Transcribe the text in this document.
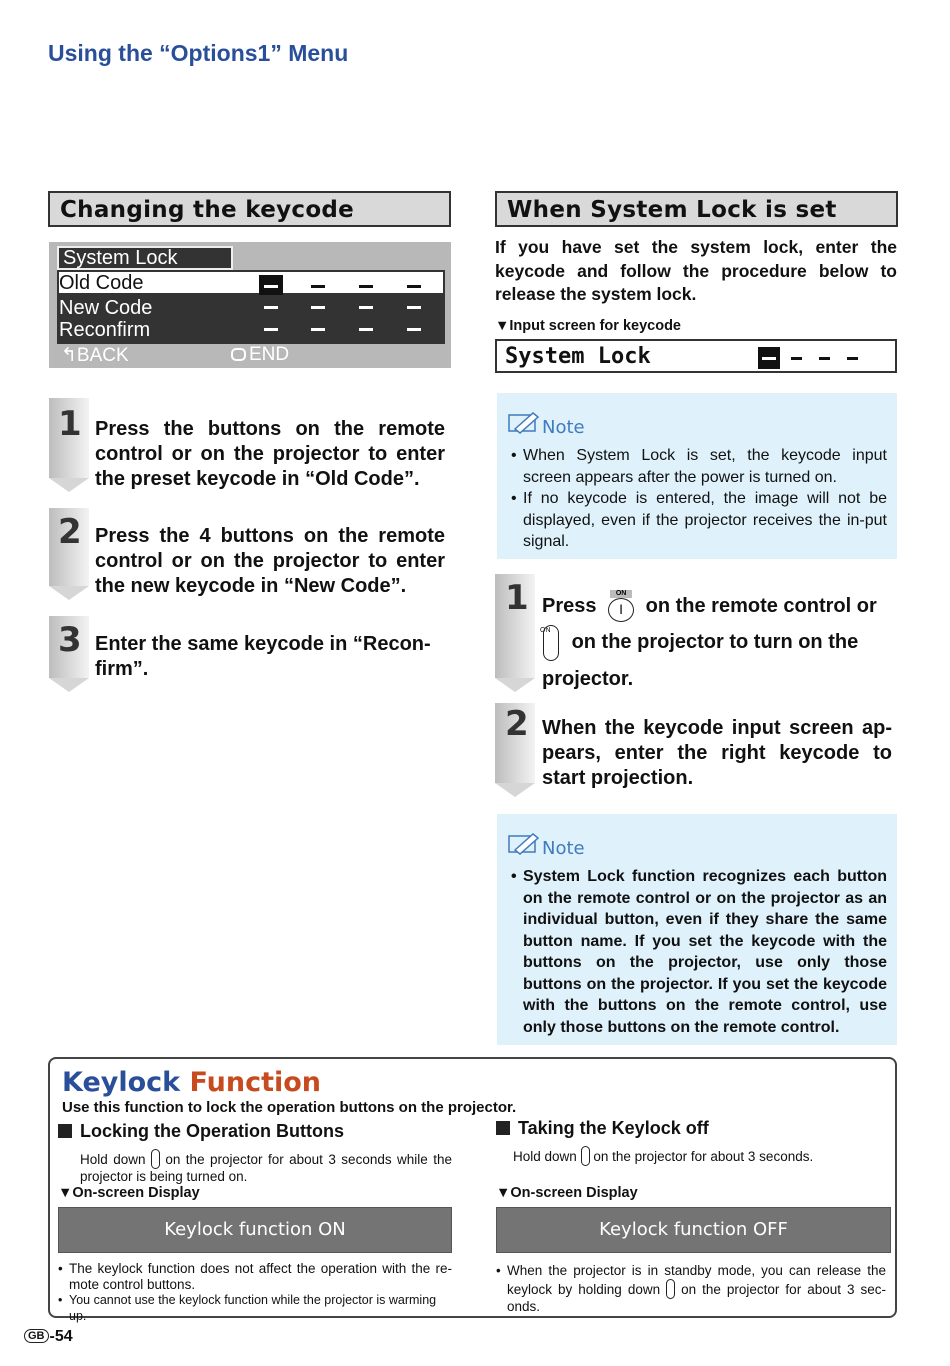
Using the “Options1” Menu
Changing the keycode
System Lock
Old Code
New Code
Reconfirm
↰BACK	END
1 Press the buttons on the remote control or on the projector to enter the preset keycode in “Old Code”.
2 Press the 4 buttons on the remote control or on the projector to enter the new keycode in “New Code”.
3 Enter the same keycode in “Recon-firm”.
When System Lock is set
If you have set the system lock, enter the keycode and follow the procedure below to release the system lock.
▼Input screen for keycode
System Lock
Note
• When System Lock is set, the keycode input screen appears after the power is turned on.
• If no keycode is entered, the image will not be displayed, even if the projector receives the in-put signal.
1 Press
ON
I	on the remote control or

ON
on the projector to turn on the
projector.
2 When the keycode input screen ap-pears, enter the right keycode to start projection.
Note
• System Lock function recognizes each button on the remote control or on the projector as an individual button, even if they share the same button name. If you set the keycode with the buttons on the projector, use only those buttons on the projector. If you set the keycode with the buttons on the remote control, use only those buttons on the remote control.
Keylock Function
Use this function to lock the operation buttons on the projector.
Locking the Operation Buttons
Hold down on the projector for about 3 seconds while the projector is being turned on.
▼On-screen Display
Keylock function ON
• The keylock function does not affect the operation with the re-mote control buttons.
• You cannot use the keylock function while the projector is warming up.
Taking the Keylock off
Hold down on the projector for about 3 seconds.
▼On-screen Display
Keylock function OFF
• When the projector is in standby mode, you can release the keylock by holding down on the projector for about 3 sec-onds.
GB -54
